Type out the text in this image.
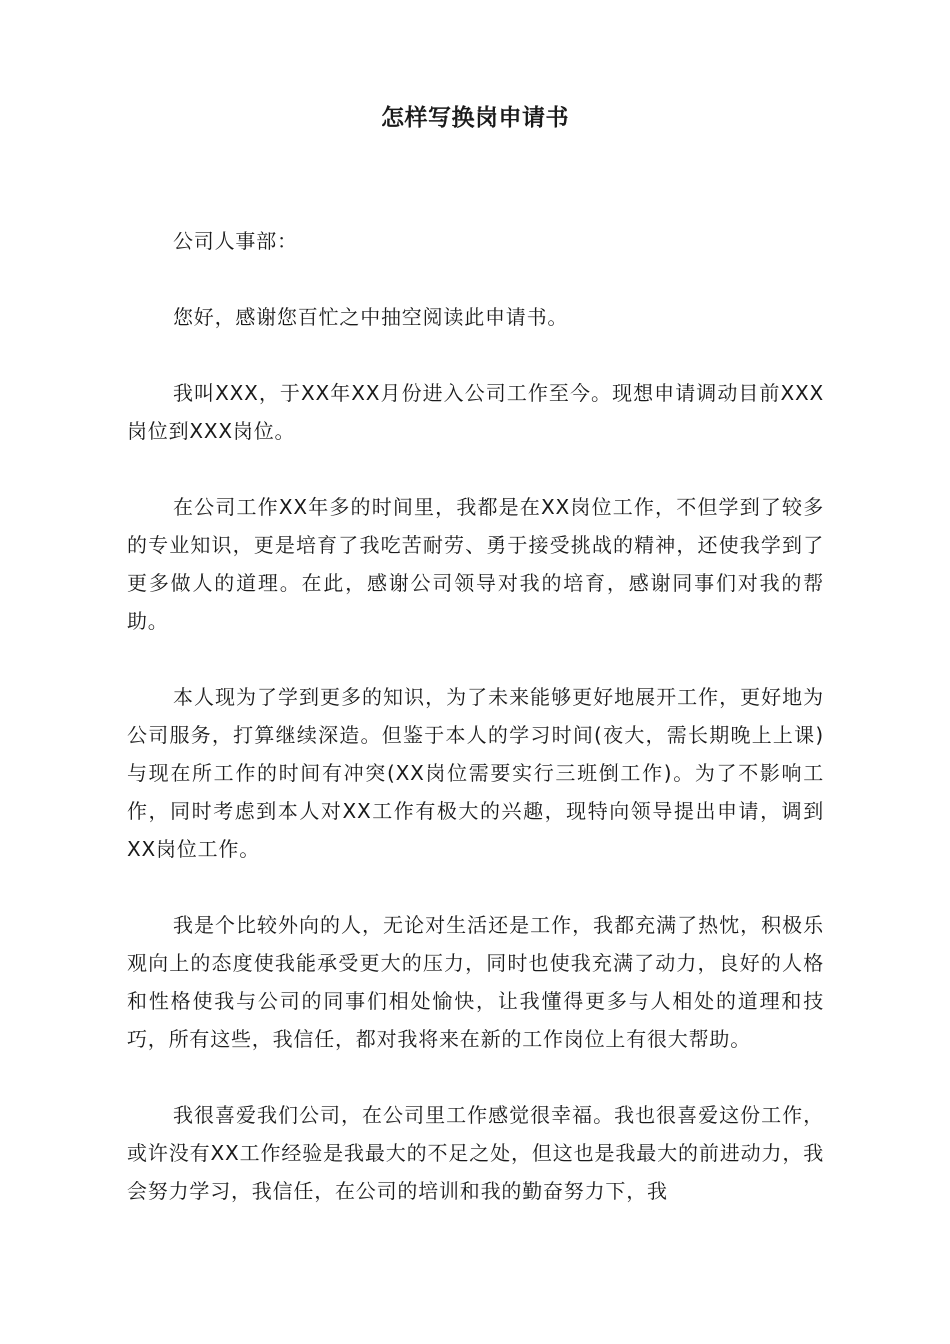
怎样写换岗申请书

公司人事部：

您好，感谢您百忙之中抽空阅读此申请书。

我叫XXX，于XX年XX月份进入公司工作至今。现想申请调动目前XXX岗位到XXX岗位。

在公司工作XX年多的时间里，我都是在XX岗位工作，不但学到了较多的专业知识，更是培育了我吃苦耐劳、勇于接受挑战的精神，还使我学到了更多做人的道理。在此，感谢公司领导对我的培育，感谢同事们对我的帮助。

本人现为了学到更多的知识，为了未来能够更好地展开工作，更好地为公司服务，打算继续深造。但鉴于本人的学习时间(夜大，需长期晚上上课)与现在所工作的时间有冲突(XX岗位需要实行三班倒工作)。为了不影响工作，同时考虑到本人对XX工作有极大的兴趣，现特向领导提出申请，调到XX岗位工作。

我是个比较外向的人，无论对生活还是工作，我都充满了热忱，积极乐观向上的态度使我能承受更大的压力，同时也使我充满了动力，良好的人格和性格使我与公司的同事们相处愉快，让我懂得更多与人相处的道理和技巧，所有这些，我信任，都对我将来在新的工作岗位上有很大帮助。

我很喜爱我们公司，在公司里工作感觉很幸福。我也很喜爱这份工作，或许没有XX工作经验是我最大的不足之处，但这也是我最大的前进动力，我会努力学习，我信任，在公司的培训和我的勤奋努力下，我
